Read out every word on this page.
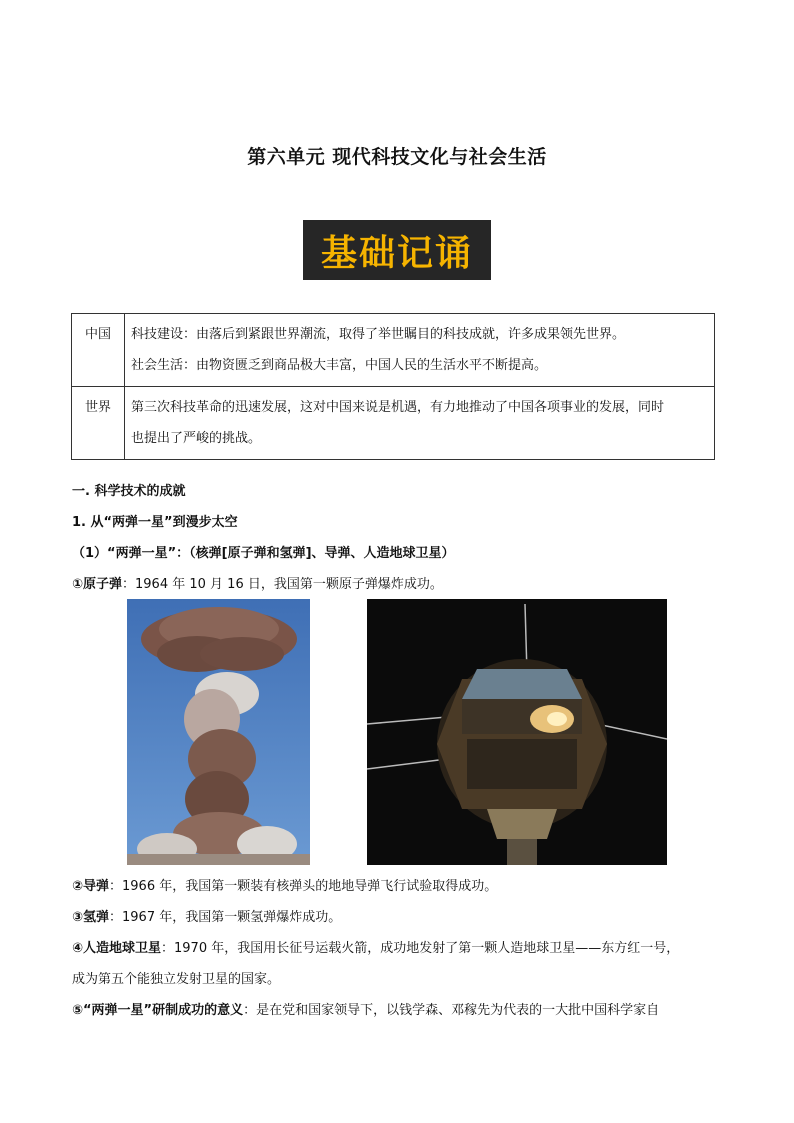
第六单元 现代科技文化与社会生活
基础记诵
中国	科技建设：由落后到紧跟世界潮流，取得了举世瞩目的科技成就，许多成果领先世界。
社会生活：由物资匮乏到商品极大丰富，中国人民的生活水平不断提高。

世界	第三次科技革命的迅速发展，这对中国来说是机遇，有力地推动了中国各项事业的发展，同时
也提出了严峻的挑战。
一. 科学技术的成就
1. 从“两弹一星”到漫步太空
（1）“两弹一星”：（核弹[原子弹和氢弹]、导弹、人造地球卫星）
①原子弹：1964 年 10 月 16 日，我国第一颗原子弹爆炸成功。
②导弹：1966 年，我国第一颗装有核弹头的地地导弹飞行试验取得成功。
③氢弹：1967 年，我国第一颗氢弹爆炸成功。
④人造地球卫星：1970 年，我国用长征号运载火箭，成功地发射了第一颗人造地球卫星——东方红一号，
成为第五个能独立发射卫星的国家。
⑤“两弹一星”研制成功的意义：是在党和国家领导下，以钱学森、邓稼先为代表的一大批中国科学家自
